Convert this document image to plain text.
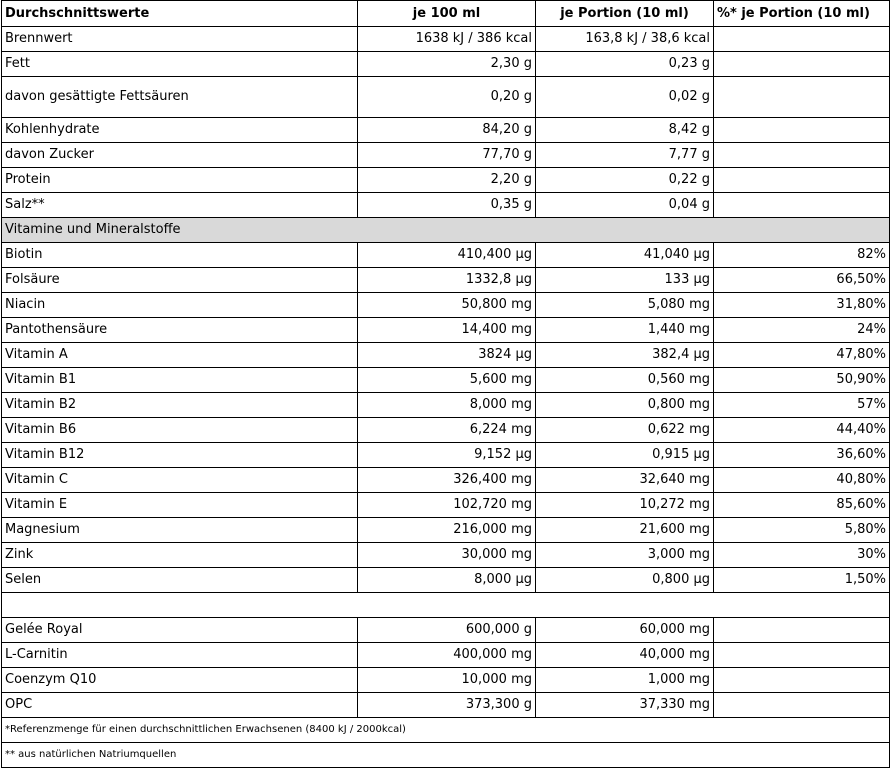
Durchschnittswerte	je 100 ml	je Portion (10 ml)	%* je Portion (10 ml)
Brennwert	1638 kJ / 386 kcal	163,8 kJ / 38,6 kcal	
Fett	2,30 g	0,23 g	
davon gesättigte Fettsäuren	0,20 g	0,02 g	
Kohlenhydrate	84,20 g	8,42 g	
davon Zucker	77,70 g	7,77 g	
Protein	2,20 g	0,22 g	
Salz**	0,35 g	0,04 g	
Vitamine und Mineralstoffe			
Biotin	410,400 µg	41,040 µg	82%
Folsäure	1332,8 µg	133 µg	66,50%
Niacin	50,800 mg	5,080 mg	31,80%
Pantothensäure	14,400 mg	1,440 mg	24%
Vitamin A	3824 µg	382,4 µg	47,80%
Vitamin B1	5,600 mg	0,560 mg	50,90%
Vitamin B2	8,000 mg	0,800 mg	57%
Vitamin B6	6,224 mg	0,622 mg	44,40%
Vitamin B12	9,152 µg	0,915 µg	36,60%
Vitamin C	326,400 mg	32,640 mg	40,80%
Vitamin E	102,720 mg	10,272 mg	85,60%
Magnesium	216,000 mg	21,600 mg	5,80%
Zink	30,000 mg	3,000 mg	30%
Selen	8,000 µg	0,800 µg	1,50%

Gelée Royal	600,000 g	60,000 mg	
L-Carnitin	400,000 mg	40,000 mg	
Coenzym Q10	10,000 mg	1,000 mg	
OPC	373,300 g	37,330 mg	
*Referenzmenge für einen durchschnittlichen Erwachsenen (8400 kJ / 2000kcal)			
** aus natürlichen Natriumquellen			
